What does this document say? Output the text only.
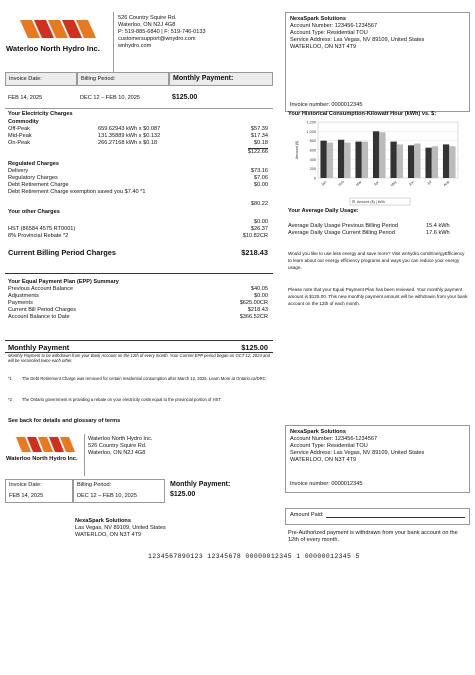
Waterloo North Hydro Inc.
526 Country Squire Rd.
Waterloo, ON N2J 4G8
P: 519-885-6840 | F: 519-746-0133
customersupport@wnydro.com
wnhydro.com
NexaSpark Solutions
Account Number: 123456-1234567
Account Type: Residential TOU
Service Address: Las Vegas, NV 89109, United States
WATERLOO, ON N3T 4T9
Invoice number: 0000012345
Invoice Date:	Billing Period:	Monthly Payment:
FEB 14, 2025	DEC 12 – FEB 10, 2025	$125.00
Your Electricity Charges
Commodity
Off-Peak	659.62943 kWh x $0.087	$57.39
Mid-Peak	131.35889 kWh x $0.132	$17.34
On-Peak	266.27168 kWh x $0.18	$0.18
$122.66
Regulated Charges
Delivery	$73.16
Regulatory Charges	$7.06
Debt Retirement Charge	$0.00
Debt Retirement Charge exemption saved you $7.40 *1
$80.22
Your other Charges
$0.00
HST (86584 4575 RT0001)	$26.37
8% Provincial Rebate *2	$10.82CR
Current Billing Period Charges	$218.43
Your Equal Payment Plan (EPP) Summary
Previous Account Balance	$40.05
Adjustments	$0.00
Payments	$625.00CR
Current Bill Period Charges	$218.43
Account Balance to Date	$366.52CR
Monthly Payment	$125.00
Monthly Payment to be withdrawn from your Bank Account on the 12th of every month. Your Current EPP period began on OCT 12, 2024 and will be reconciled twice each other.
*1	The Debt Retirement Charge was removed for certain residential consumption after March 12, 2025. Learn More at Ontario.ca/DRC
*2	The Ontario government is providing a rebate on your electricity costs equal to the provincial portion of HST
See back for details and glossary of terms
Your Historical Consumption-Kilowatt Hour (kWh) vs. $:
0
200
400
600
800
1,000
1,200
Amount ($)
Jan	Feb	Mar	Apr	May	Jun	Jul	Aug
Amount ($) | kWh
Your Average Daily Usage:
Average Daily Usage Previous Billing Period	15.4 kWh
Average Daily Usage Current Billing Period	17.6 kWh
Would you like to use less energy and save more? Visit wnhydro.com/EnergyEfficiency to learn about our energy efficiency programs and ways you can reduce your energy usage.
Please note that your Equal Payment Plan has been reviewed. Your monthly payment amount is $125.00. This new monthly payment amount will be withdrawn from your bank account on the 12th of each month.
Waterloo North Hydro Inc.
Waterloo North Hydro Inc.
526 Country Squire Rd.
Waterloo, ON N2J 4G8
NexaSpark Solutions
Account Number: 123456-1234567
Account Type: Residential TOU
Service Address: Las Vegas, NV 89109, United States
WATERLOO, ON N3T 4T9
Invoice number: 0000012345
Invoice Date:
FEB 14, 2025
Billing Period:
DEC 12 – FEB 10, 2025
Monthly Payment:
$125.00
NexaSpark Solutions
Las Vegas, NV 89109, United States
WATERLOO, ON N3T 4T9
Amount Paid:
Pre-Authorized payment is withdrawn from your bank account on the 12th of every month.
1234567890123 12345678 00000012345 1 00000012345 5
